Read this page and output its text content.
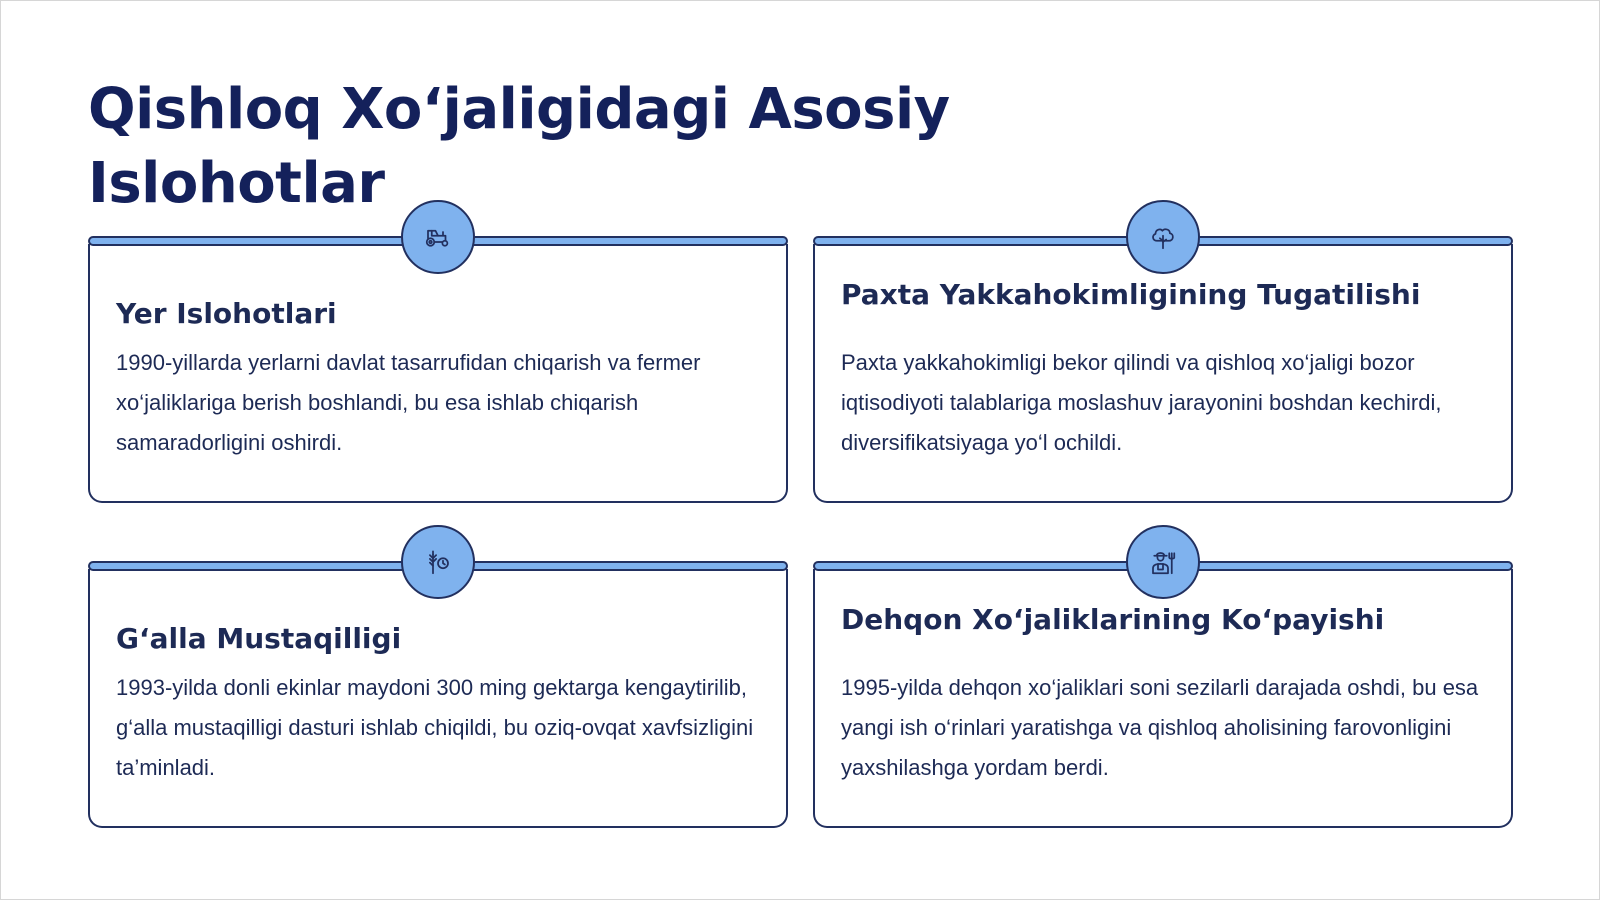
Qishloq Xo‘jaligidagi Asosiy Islohotlar
Yer Islohotlari

1990-yillarda yerlarni davlat tasarrufidan chiqarish va fermer xo‘jaliklariga berish boshlandi, bu esa ishlab chiqarish samaradorligini oshirdi.

Paxta Yakkahokimligining Tugatilishi

Paxta yakkahokimligi bekor qilindi va qishloq xo‘jaligi bozor iqtisodiyoti talablariga moslashuv jarayonini boshdan kechirdi, diversifikatsiyaga yo‘l ochildi.

G‘alla Mustaqilligi

1993-yilda donli ekinlar maydoni 300 ming gektarga kengaytirilib, g‘alla mustaqilligi dasturi ishlab chiqildi, bu oziq-ovqat xavfsizligini ta’minladi.

Dehqon Xo‘jaliklarining Ko‘payishi

1995-yilda dehqon xo‘jaliklari soni sezilarli darajada oshdi, bu esa yangi ish o‘rinlari yaratishga va qishloq aholisining farovonligini yaxshilashga yordam berdi.
